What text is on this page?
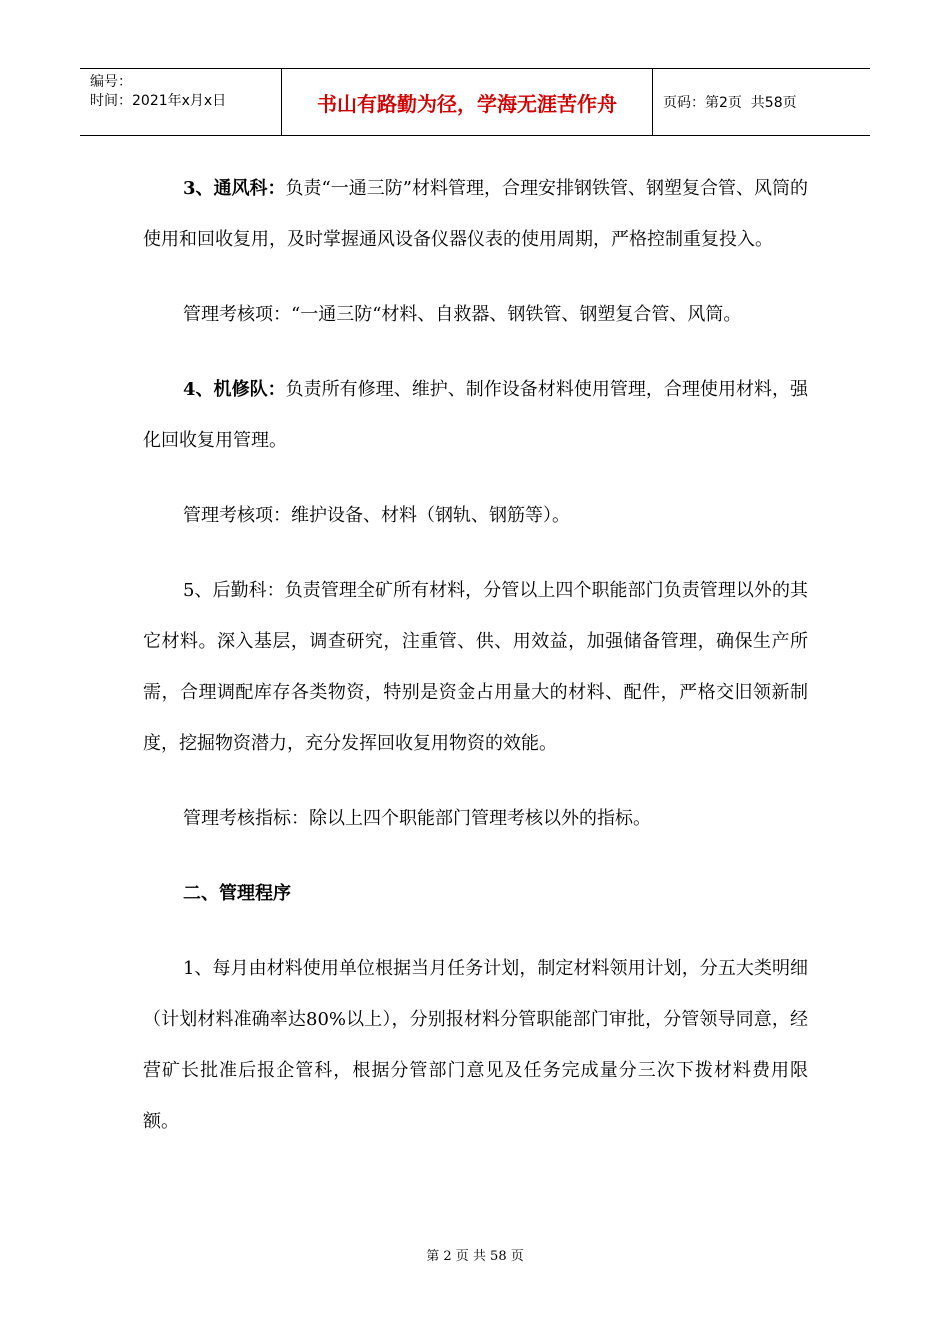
编号：
时间：2021年x月x日	书山有路勤为径，学海无涯苦作舟	页码：第2页  共58页

3、通风科：负责“一通三防”材料管理，合理安排钢铁管、钢塑复合管、风筒的使用和回收复用，及时掌握通风设备仪器仪表的使用周期，严格控制重复投入。

管理考核项：“一通三防“材料、自救器、钢铁管、钢塑复合管、风筒。

4、机修队：负责所有修理、维护、制作设备材料使用管理，合理使用材料，强化回收复用管理。

管理考核项：维护设备、材料（钢轨、钢筋等）。

5、后勤科：负责管理全矿所有材料，分管以上四个职能部门负责管理以外的其它材料。深入基层，调查研究，注重管、供、用效益，加强储备管理，确保生产所需，合理调配库存各类物资，特别是资金占用量大的材料、配件，严格交旧领新制度，挖掘物资潜力，充分发挥回收复用物资的效能。

管理考核指标：除以上四个职能部门管理考核以外的指标。

二、管理程序

1、每月由材料使用单位根据当月任务计划，制定材料领用计划，分五大类明细（计划材料准确率达80%以上），分别报材料分管职能部门审批，分管领导同意，经营矿长批准后报企管科，根据分管部门意见及任务完成量分三次下拨材料费用限额。

第 2 页 共 58 页
